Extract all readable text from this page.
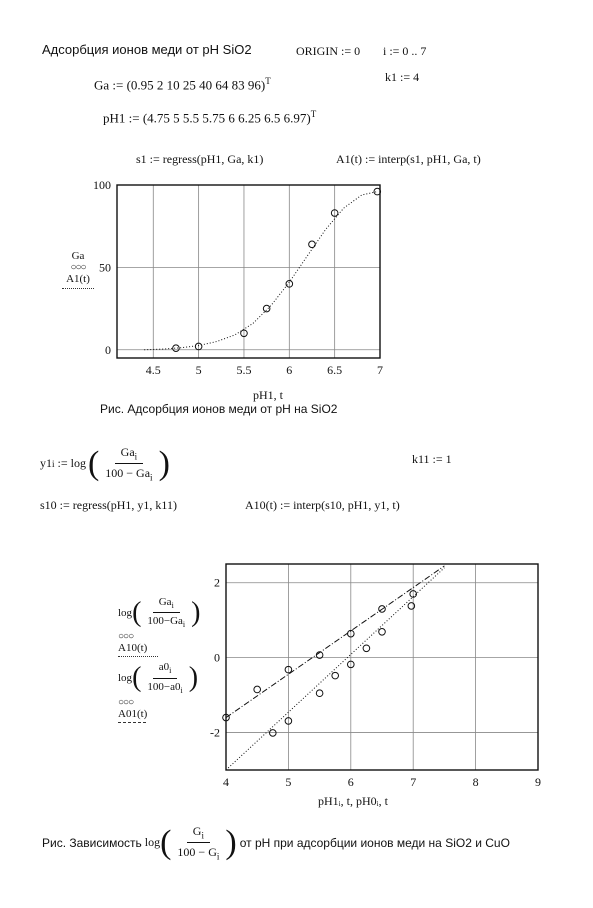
Адсорбция ионов меди от pH SiO2	ORIGIN := 0 i := 0 .. 7
Ga := (0.95 2 10 25 40 64 83 96)$^T$	k1 := 4
pH1 := (4.75 5 5.5 5.75 6 6.25 6.5 6.97)$^T$
s1 := regress(pH1, Ga, k1)	A1(t) := interp(s1, pH1, Ga, t)
Ga
○○○
A1(t)
4.5	5	5.5	6	6.5	7
0
50
100
pH1, t
Рис. Адсорбция ионов меди от pH на SiO2
y1 i := log ( $\frac{Ga_i}{100 - Ga_i}$ )	k11 := 1
s10 := regress(pH1, y1, k11)	A10(t) := interp(s10, pH1, y1, t)
log ( $\frac{Ga_i}{100-Ga_i}$ )
○○○
A10(t)
log ( $\frac{a0_i}{100-a0_i}$ )
○○○
A01(t)
4	5	6	7	8	9
-2
0
2
pH1ᵢ, t, pH0ᵢ, t
Рис. Зависимость log ( $\frac{G_i}{100 - G_i}$ ) от pH при адсорбции ионов меди на SiO2 и CuO
